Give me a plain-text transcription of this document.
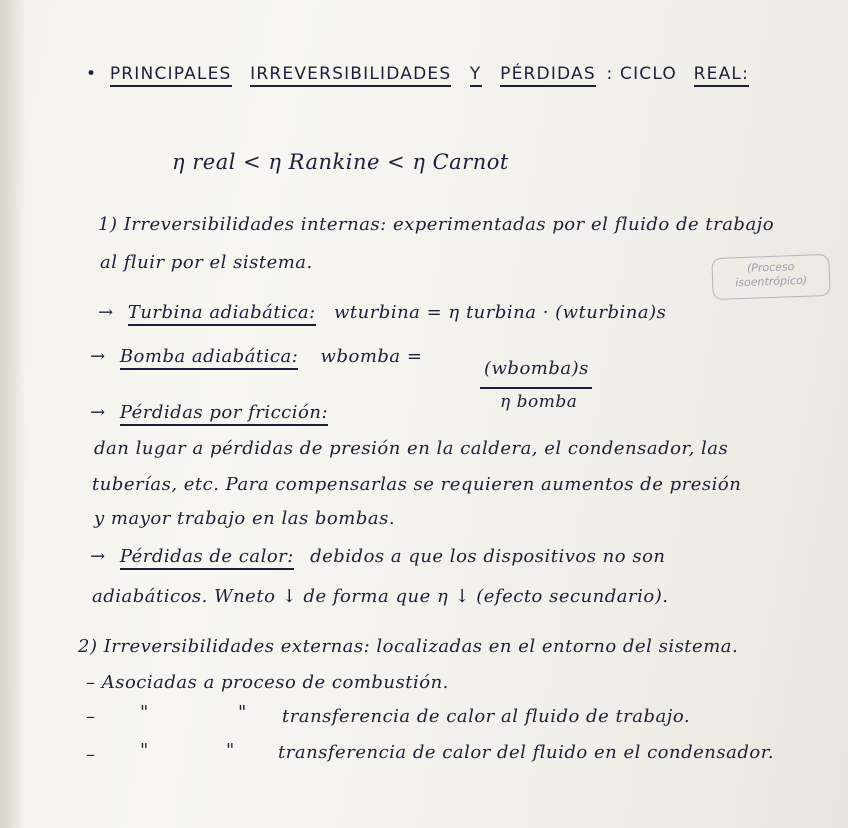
• PRINCIPALES IRREVERSIBILIDADES Y PÉRDIDAS : CICLO REAL:
η real < η Rankine < η Carnot
1) Irreversibilidades internas: experimentadas por el fluido de trabajo
al fluir por el sistema.	(Proceso
isoentrópico)
→ Turbina adiabática: wturbina = η turbina · (wturbina)s
→ Bomba adiabática: wbomba =
(wbomba)s
η bomba
→ Pérdidas por fricción:
dan lugar a pérdidas de presión en la caldera, el condensador, las
tuberías, etc. Para compensarlas se requieren aumentos de presión
y mayor trabajo en las bombas.
→ Pérdidas de calor: debidos a que los dispositivos no son
adiabáticos. Wneto ↓ de forma que η ↓ (efecto secundario).
2) Irreversibilidades externas: localizadas en el entorno del sistema.
– Asociadas a proceso de combustión.
– "	" transferencia de calor al fluido de trabajo.
– "	" transferencia de calor del fluido en el condensador.
